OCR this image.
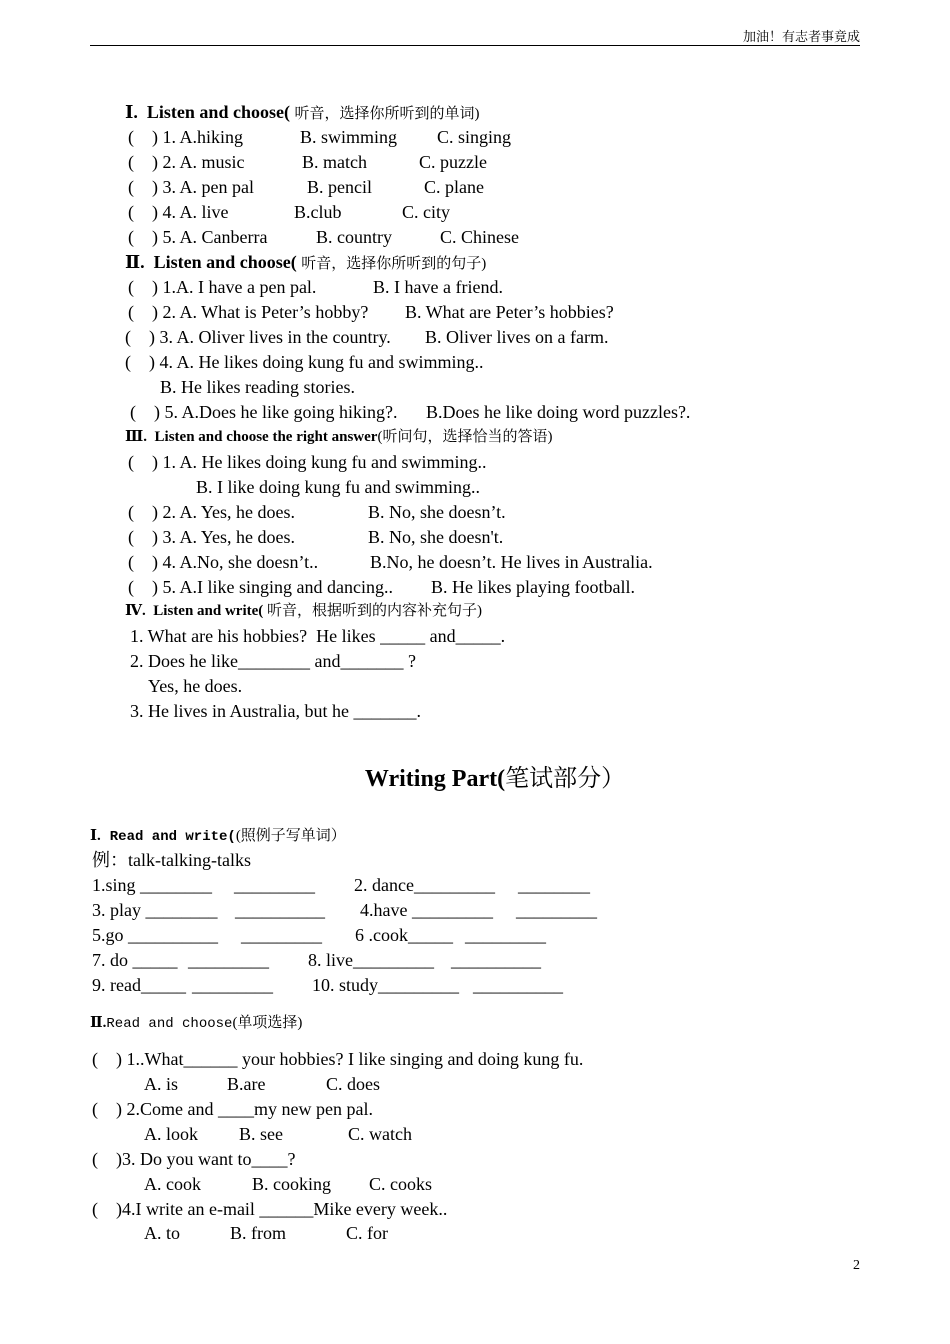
加油！有志者事竟成
Ⅰ. Listen and choose( 听音，选择你所听到的单词)
(    ) 1. A.hiking	B. swimming C. singing
(    ) 2. A. music	B. match	C. puzzle
(    ) 3. A. pen pal	B. pencil	C. plane
(    ) 4. A. live	B.club	C. city
(    ) 5. A. Canberra	B. country	C. Chinese
Ⅱ. Listen and choose( 听音，选择你所听到的句子)
(    ) 1.A. I have a pen pal.	B. I have a friend.
(    ) 2. A. What is Peter’s hobby? B. What are Peter’s hobbies?
(    ) 3. A. Oliver lives in the country. B. Oliver lives on a farm.
(    ) 4. A. He likes doing kung fu and swimming..
B. He likes reading stories.
(    ) 5. A.Does he like going hiking?. B.Does he like doing word puzzles?.
Ⅲ. Listen and choose the right answer(听问句，选择恰当的答语)
(    ) 1. A. He likes doing kung fu and swimming..
B. I like doing kung fu and swimming..
(    ) 2. A. Yes, he does.	B. No, she doesn’t.
(    ) 3. A. Yes, he does.	B. No, she doesn't.
(    ) 4. A.No, she doesn’t..	B.No, he doesn’t. He lives in Australia.
(    ) 5. A.I like singing and dancing.. B. He likes playing football.
Ⅳ. Listen and write( 听音，根据听到的内容补充句子)
1. What are his hobbies?  He likes _____ and_____.
2. Does he like________ and_______ ?
Yes, he does.
3. He lives in Australia, but he _______.
Writing Part(笔试部分）
Ⅰ. Read and write((照例子写单词）
例：talk-talking-talks
1.sing ________ _________ 2. dance_________ ________
3. play ________ __________ 4.have _________ _________
5.go __________ _________ 6 .cook_____ _________
7. do _____ _________ 8. live_________ __________
9. read_____ _________ 10. study_________ __________
Ⅱ.Read and choose(单项选择)
(    ) 1..What______ your hobbies? I like singing and doing kung fu.
A. is	B.are	C. does
(    ) 2.Come and ____my new pen pal.
A. look B. see	C. watch
(    )3. Do you want to____?
A. cook	B. cooking C. cooks
(    )4.I write an e-mail ______Mike every week..
A. to	B. from	C. for
2
